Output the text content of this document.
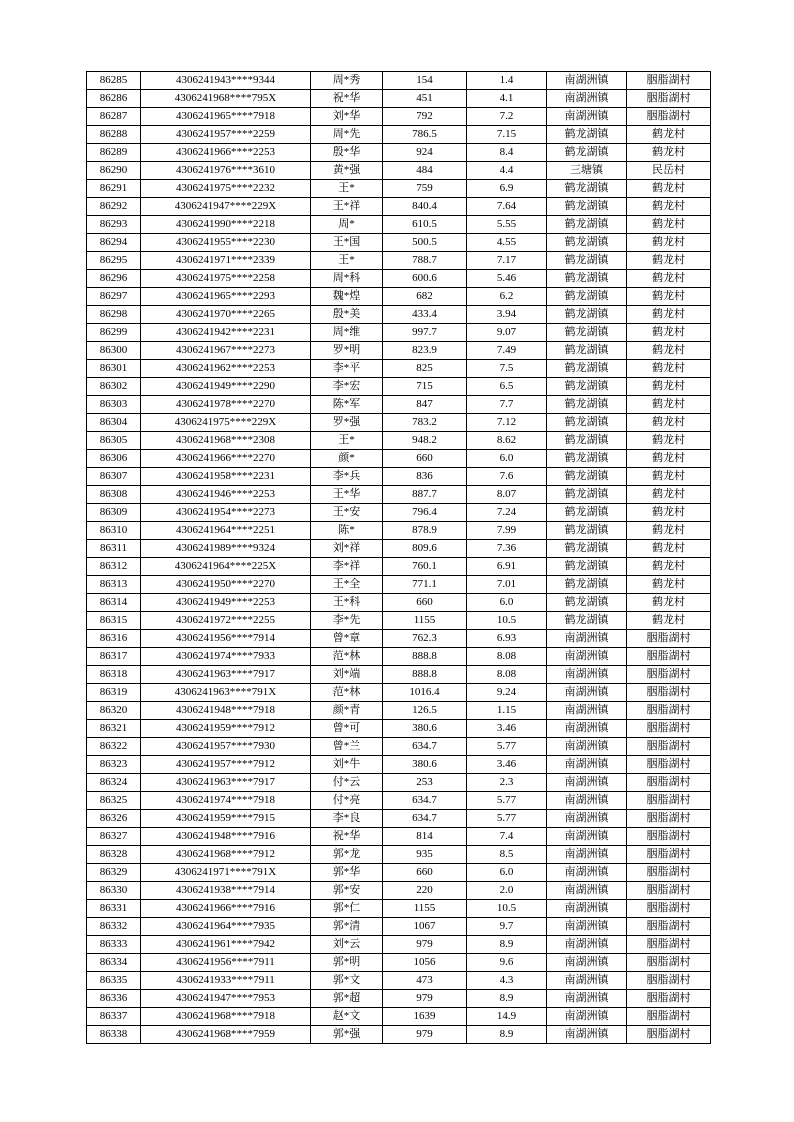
86285	4306241943****9344	周*秀	154	1.4	南湖洲镇	胭脂湖村
86286	4306241968****795X	祝*华	451	4.1	南湖洲镇	胭脂湖村
86287	4306241965****7918	刘*华	792	7.2	南湖洲镇	胭脂湖村
86288	4306241957****2259	周*先	786.5	7.15	鹤龙湖镇	鹤龙村
86289	4306241966****2253	殷*华	924	8.4	鹤龙湖镇	鹤龙村
86290	4306241976****3610	黄*强	484	4.4	三塘镇	民岳村
86291	4306241975****2232	王*	759	6.9	鹤龙湖镇	鹤龙村
86292	4306241947****229X	王*祥	840.4	7.64	鹤龙湖镇	鹤龙村
86293	4306241990****2218	周*	610.5	5.55	鹤龙湖镇	鹤龙村
86294	4306241955****2230	王*国	500.5	4.55	鹤龙湖镇	鹤龙村
86295	4306241971****2339	王*	788.7	7.17	鹤龙湖镇	鹤龙村
86296	4306241975****2258	周*科	600.6	5.46	鹤龙湖镇	鹤龙村
86297	4306241965****2293	魏*煌	682	6.2	鹤龙湖镇	鹤龙村
86298	4306241970****2265	殷*美	433.4	3.94	鹤龙湖镇	鹤龙村
86299	4306241942****2231	周*维	997.7	9.07	鹤龙湖镇	鹤龙村
86300	4306241967****2273	罗*明	823.9	7.49	鹤龙湖镇	鹤龙村
86301	4306241962****2253	李*平	825	7.5	鹤龙湖镇	鹤龙村
86302	4306241949****2290	李*宏	715	6.5	鹤龙湖镇	鹤龙村
86303	4306241978****2270	陈*军	847	7.7	鹤龙湖镇	鹤龙村
86304	4306241975****229X	罗*强	783.2	7.12	鹤龙湖镇	鹤龙村
86305	4306241968****2308	王*	948.2	8.62	鹤龙湖镇	鹤龙村
86306	4306241966****2270	颜*	660	6.0	鹤龙湖镇	鹤龙村
86307	4306241958****2231	李*兵	836	7.6	鹤龙湖镇	鹤龙村
86308	4306241946****2253	王*华	887.7	8.07	鹤龙湖镇	鹤龙村
86309	4306241954****2273	王*安	796.4	7.24	鹤龙湖镇	鹤龙村
86310	4306241964****2251	陈*	878.9	7.99	鹤龙湖镇	鹤龙村
86311	4306241989****9324	刘*祥	809.6	7.36	鹤龙湖镇	鹤龙村
86312	4306241964****225X	李*祥	760.1	6.91	鹤龙湖镇	鹤龙村
86313	4306241950****2270	王*全	771.1	7.01	鹤龙湖镇	鹤龙村
86314	4306241949****2253	王*科	660	6.0	鹤龙湖镇	鹤龙村
86315	4306241972****2255	李*先	1155	10.5	鹤龙湖镇	鹤龙村
86316	4306241956****7914	曾*章	762.3	6.93	南湖洲镇	胭脂湖村
86317	4306241974****7933	范*林	888.8	8.08	南湖洲镇	胭脂湖村
86318	4306241963****7917	刘*端	888.8	8.08	南湖洲镇	胭脂湖村
86319	4306241963****791X	范*林	1016.4	9.24	南湖洲镇	胭脂湖村
86320	4306241948****7918	颜*青	126.5	1.15	南湖洲镇	胭脂湖村
86321	4306241959****7912	曾*可	380.6	3.46	南湖洲镇	胭脂湖村
86322	4306241957****7930	曾*兰	634.7	5.77	南湖洲镇	胭脂湖村
86323	4306241957****7912	刘*牛	380.6	3.46	南湖洲镇	胭脂湖村
86324	4306241963****7917	付*云	253	2.3	南湖洲镇	胭脂湖村
86325	4306241974****7918	付*亮	634.7	5.77	南湖洲镇	胭脂湖村
86326	4306241959****7915	李*良	634.7	5.77	南湖洲镇	胭脂湖村
86327	4306241948****7916	祝*华	814	7.4	南湖洲镇	胭脂湖村
86328	4306241968****7912	郭*龙	935	8.5	南湖洲镇	胭脂湖村
86329	4306241971****791X	郭*华	660	6.0	南湖洲镇	胭脂湖村
86330	4306241938****7914	郭*安	220	2.0	南湖洲镇	胭脂湖村
86331	4306241966****7916	郭*仁	1155	10.5	南湖洲镇	胭脂湖村
86332	4306241964****7935	郭*清	1067	9.7	南湖洲镇	胭脂湖村
86333	4306241961****7942	刘*云	979	8.9	南湖洲镇	胭脂湖村
86334	4306241956****7911	郭*明	1056	9.6	南湖洲镇	胭脂湖村
86335	4306241933****7911	郭*文	473	4.3	南湖洲镇	胭脂湖村
86336	4306241947****7953	郭*超	979	8.9	南湖洲镇	胭脂湖村
86337	4306241968****7918	赵*文	1639	14.9	南湖洲镇	胭脂湖村
86338	4306241968****7959	郭*强	979	8.9	南湖洲镇	胭脂湖村
